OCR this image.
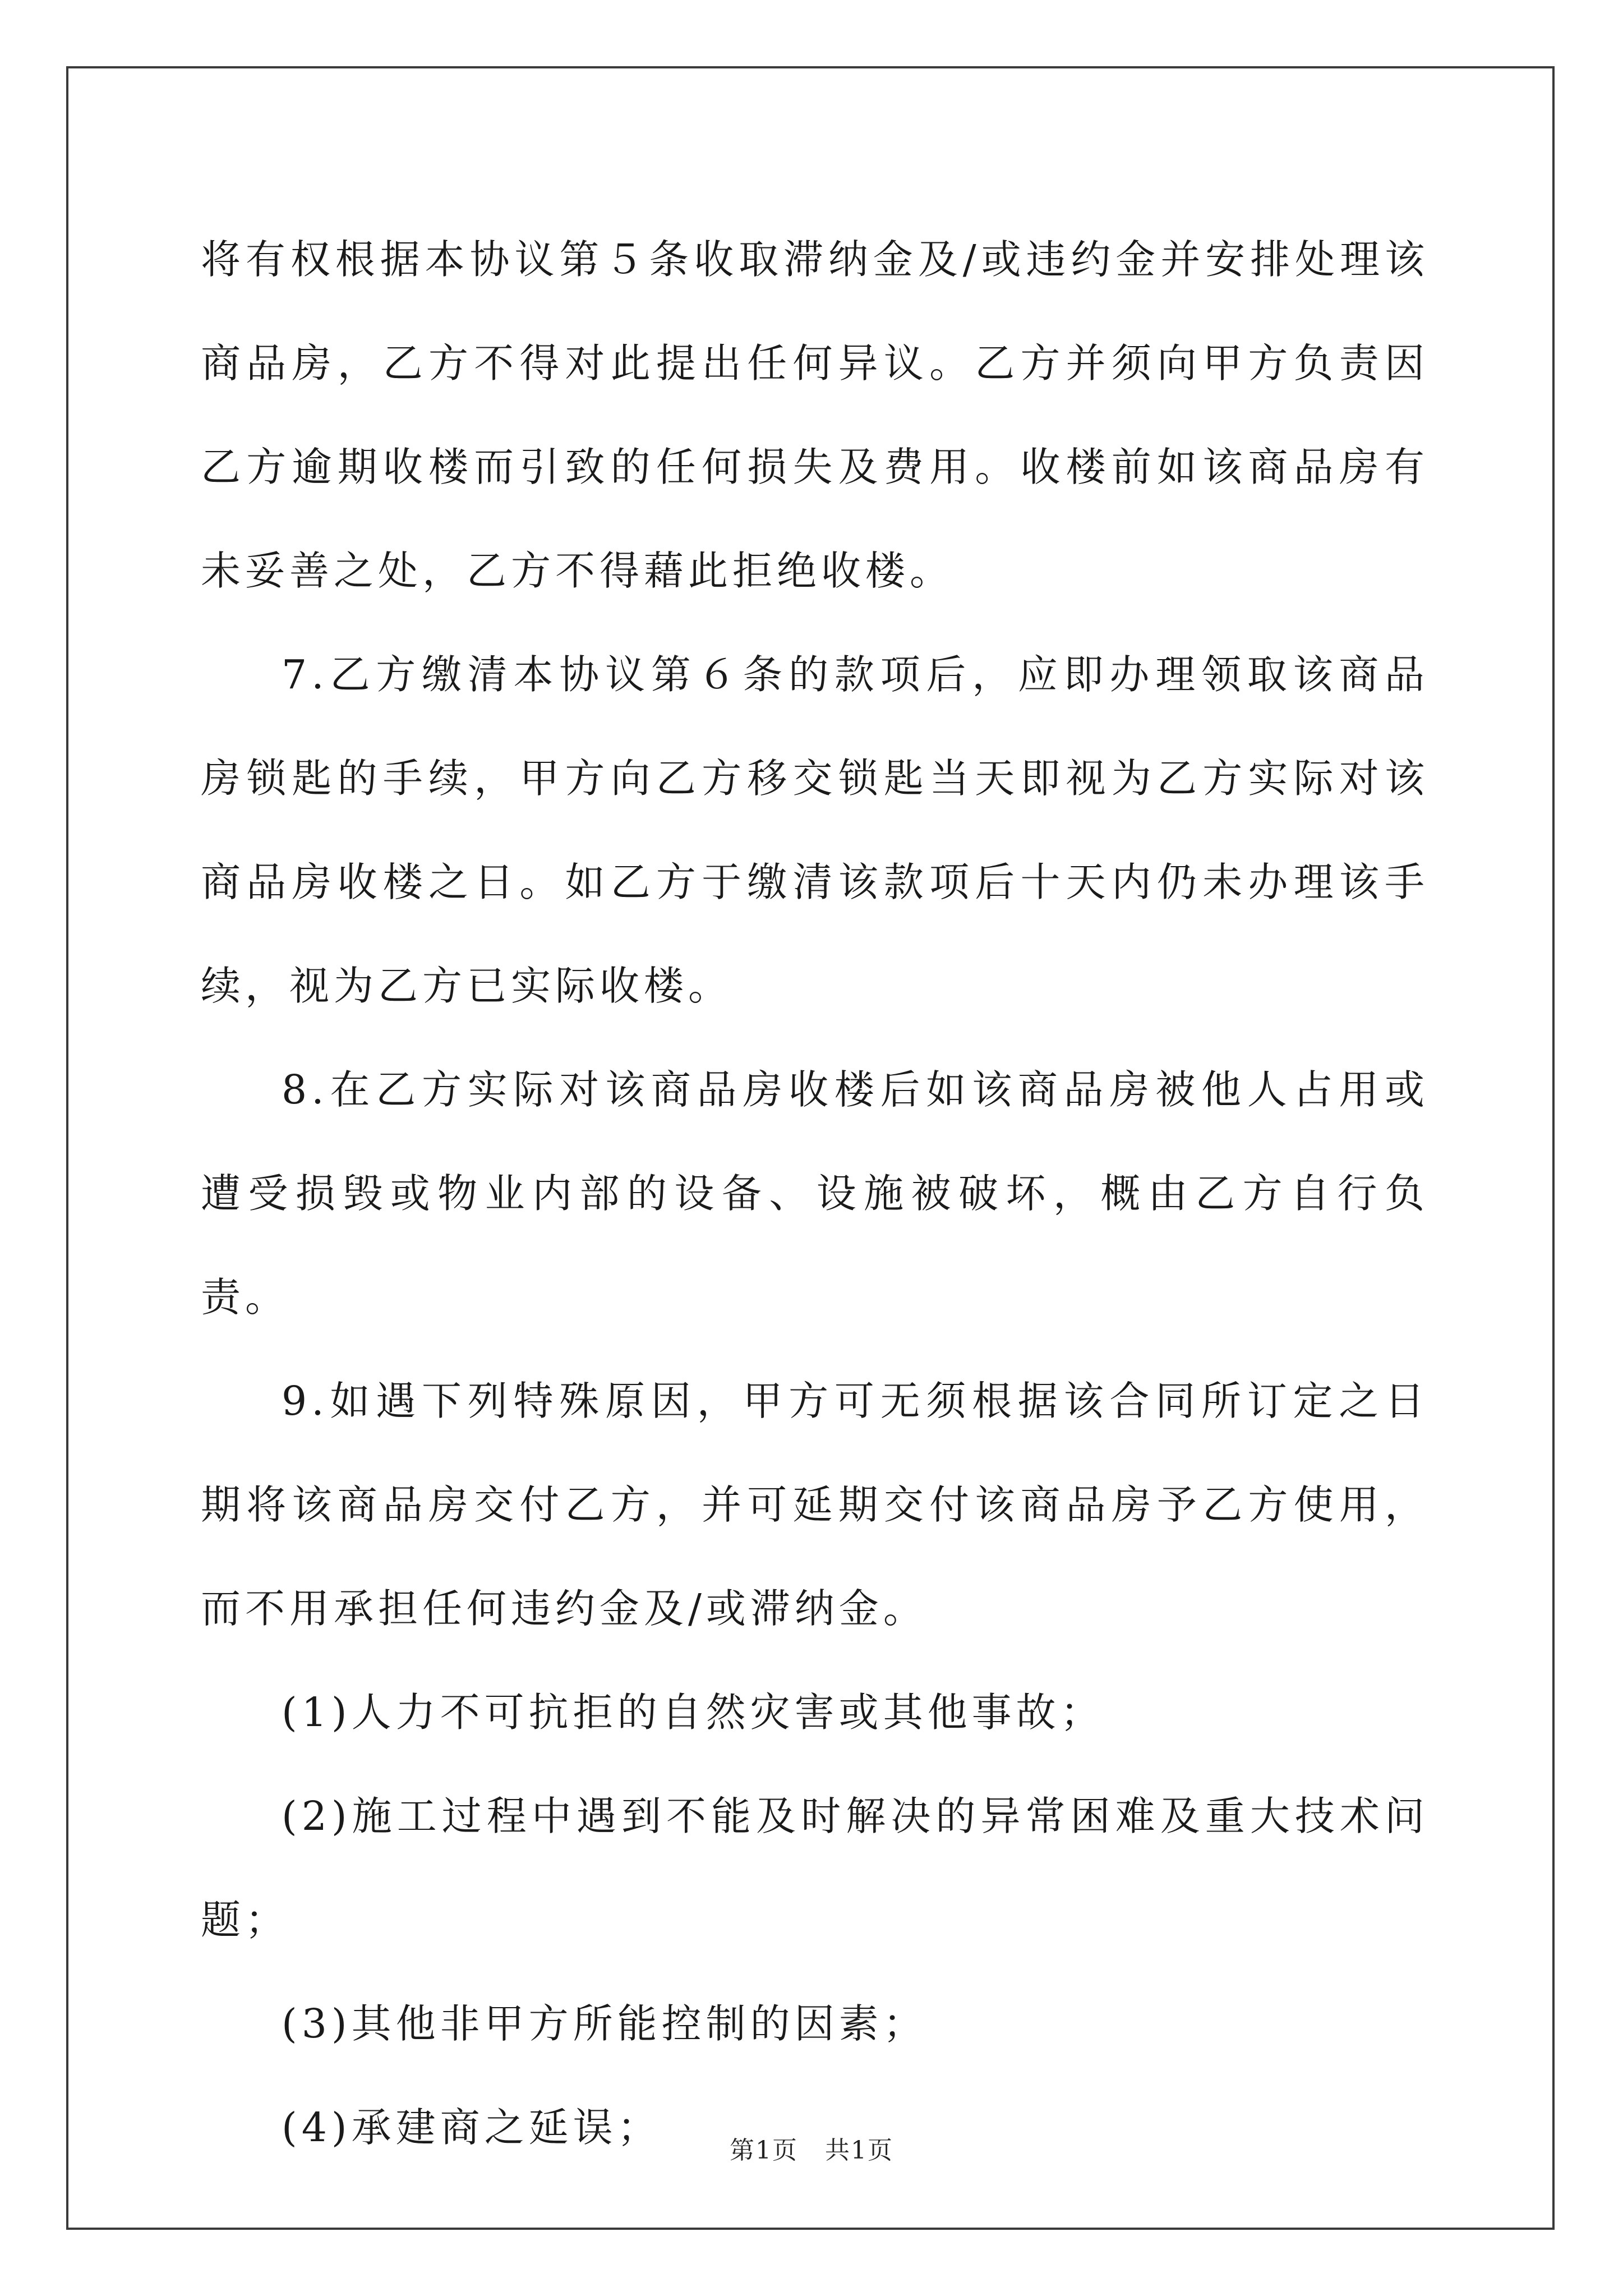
将有权根据本协议第５条收取滞纳金及/或违约金并安排处理该商品房，乙方不得对此提出任何异议。乙方并须向甲方负责因乙方逾期收楼而引致的任何损失及费用。收楼前如该商品房有未妥善之处，乙方不得藉此拒绝收楼。

7.乙方缴清本协议第６条的款项后，应即办理领取该商品房锁匙的手续，甲方向乙方移交锁匙当天即视为乙方实际对该商品房收楼之日。如乙方于缴清该款项后十天内仍未办理该手续，视为乙方已实际收楼。

8.在乙方实际对该商品房收楼后如该商品房被他人占用或遭受损毁或物业内部的设备、设施被破坏，概由乙方自行负责。

9.如遇下列特殊原因，甲方可无须根据该合同所订定之日期将该商品房交付乙方，并可延期交付该商品房予乙方使用，而不用承担任何违约金及/或滞纳金。

(1)人力不可抗拒的自然灾害或其他事故；

(2)施工过程中遇到不能及时解决的异常困难及重大技术问题；

(3)其他非甲方所能控制的因素；

(4)承建商之延误；	第1页 共1页
